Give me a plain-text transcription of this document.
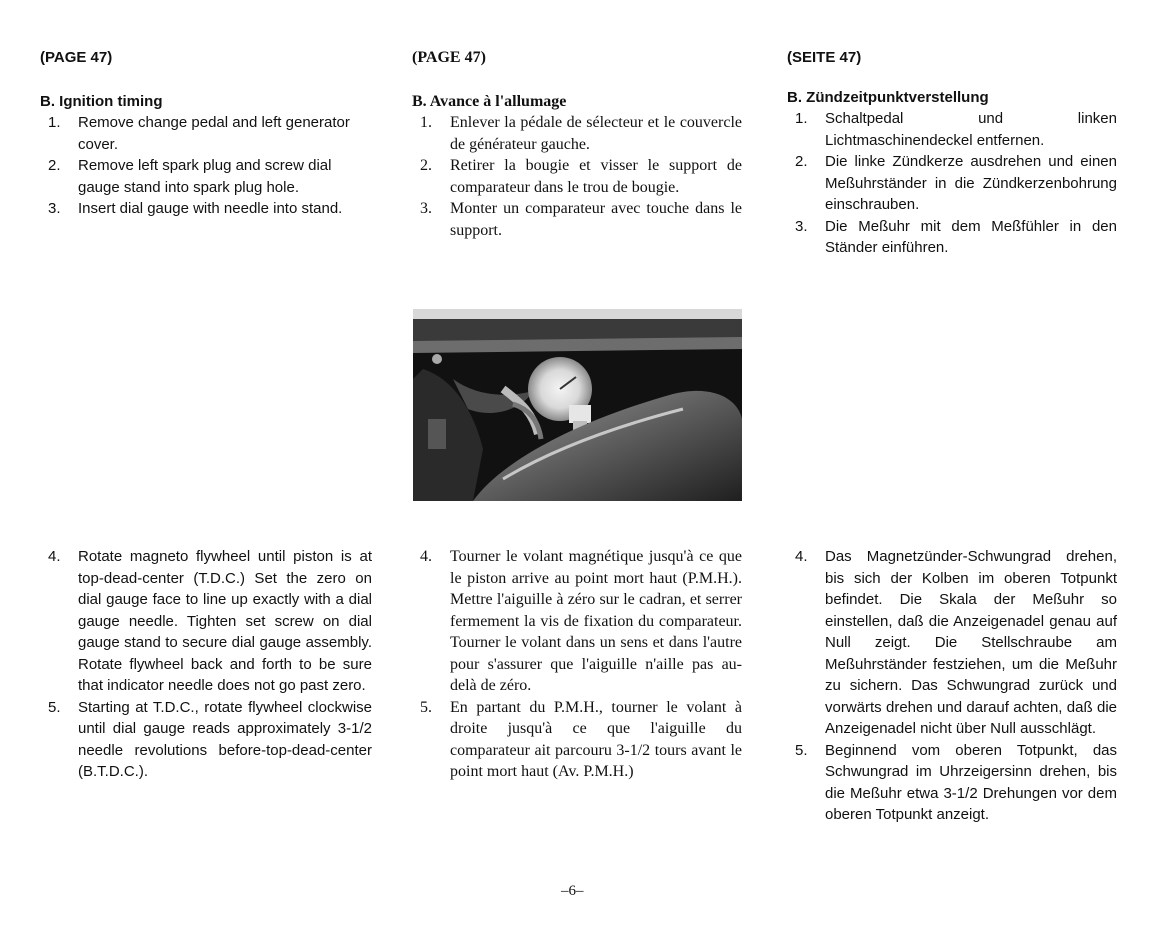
(PAGE 47)
B. Ignition timing
1. Remove change pedal and left generator cover.
2. Remove left spark plug and screw dial gauge stand into spark plug hole.
3. Insert dial gauge with needle into stand.
4. Rotate magneto flywheel until piston is at top-dead-center (T.D.C.) Set the zero on dial gauge face to line up exactly with a dial gauge needle. Tighten set screw on dial gauge stand to secure dial gauge assembly. Rotate flywheel back and forth to be sure that indicator needle does not go past zero.
5. Starting at T.D.C., rotate flywheel clockwise until dial gauge reads approximately 3-1/2 needle revolutions before-top-dead-center (B.T.D.C.).
(PAGE 47)
B. Avance à l'allumage
1. Enlever la pédale de sélecteur et le couvercle de générateur gauche.
2. Retirer la bougie et visser le support de comparateur dans le trou de bougie.
3. Monter un comparateur avec touche dans le support.
4. Tourner le volant magnétique jusqu'à ce que le piston arrive au point mort haut (P.M.H.). Mettre l'aiguille à zéro sur le cadran, et serrer fermement la vis de fixation du comparateur. Tourner le volant dans un sens et dans l'autre pour s'assurer que l'aiguille n'aille pas au-delà de zéro.
5. En partant du P.M.H., tourner le volant à droite jusqu'à ce que l'aiguille du comparateur ait parcouru 3-1/2 tours avant le point mort haut (Av. P.M.H.)
(SEITE 47)
B. Zündzeitpunktverstellung
1. Schaltpedal und linken Lichtmaschinendeckel entfernen.
2. Die linke Zündkerze ausdrehen und einen Meßuhrständer in die Zündkerzenbohrung einschrauben.
3. Die Meßuhr mit dem Meßfühler in den Ständer einführen.
4. Das Magnetzünder-Schwungrad drehen, bis sich der Kolben im oberen Totpunkt befindet. Die Skala der Meßuhr so einstellen, daß die Anzeigenadel genau auf Null zeigt. Die Stellschraube am Meßuhrständer festziehen, um die Meßuhr zu sichern. Das Schwungrad zurück und vorwärts drehen und darauf achten, daß die Anzeigenadel nicht über Null ausschlägt.
5. Beginnend vom oberen Totpunkt, das Schwungrad im Uhrzeigersinn drehen, bis die Meßuhr etwa 3-1/2 Drehungen vor dem oberen Totpunkt anzeigt.
–6–
